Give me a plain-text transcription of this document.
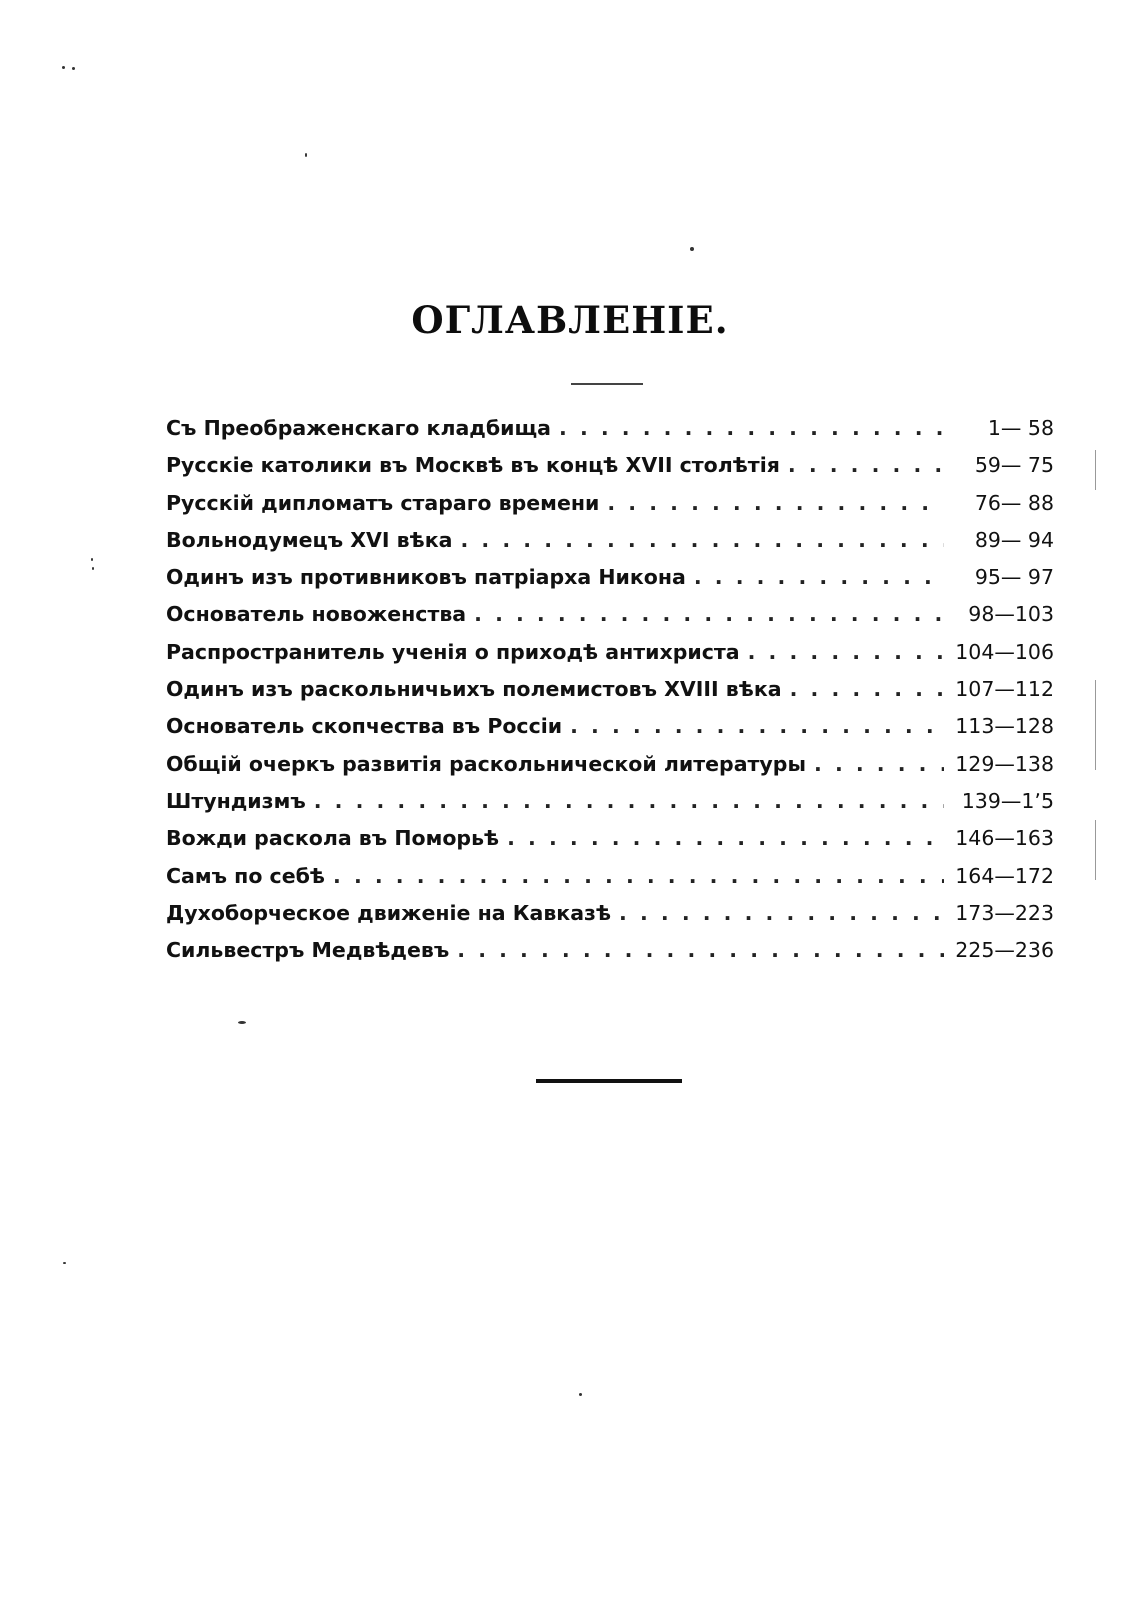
ОГЛАВЛЕНІЕ.
Съ Преображенскаго кладбища . . .	1— 58
Русскіе католики въ Москвѣ въ концѣ XVII столѣтія . . .	59— 75
Русскій дипломатъ стараго времени . . .	76— 88
Вольнодумецъ XVI вѣка . . .	89— 94
Одинъ изъ противниковъ патріарха Никона . . .	95— 97
Основатель новоженства . . .	98—103
Распространитель ученія о приходѣ антихриста . . .	104—106
Одинъ изъ раскольничьихъ полемистовъ XVIII вѣка . . .	107—112
Основатель скопчества въ Россіи . . .	113—128
Общій очеркъ развитія раскольнической литературы . . .	129—138
Штундизмъ . . .	139—1ʼ5
Вожди раскола въ Поморьѣ . . .	146—163
Самъ по себѣ . . .	164—172
Духоборческое движеніе на Кавказѣ . . .	173—223
Сильвестръ Медвѣдевъ . . .	225—236
